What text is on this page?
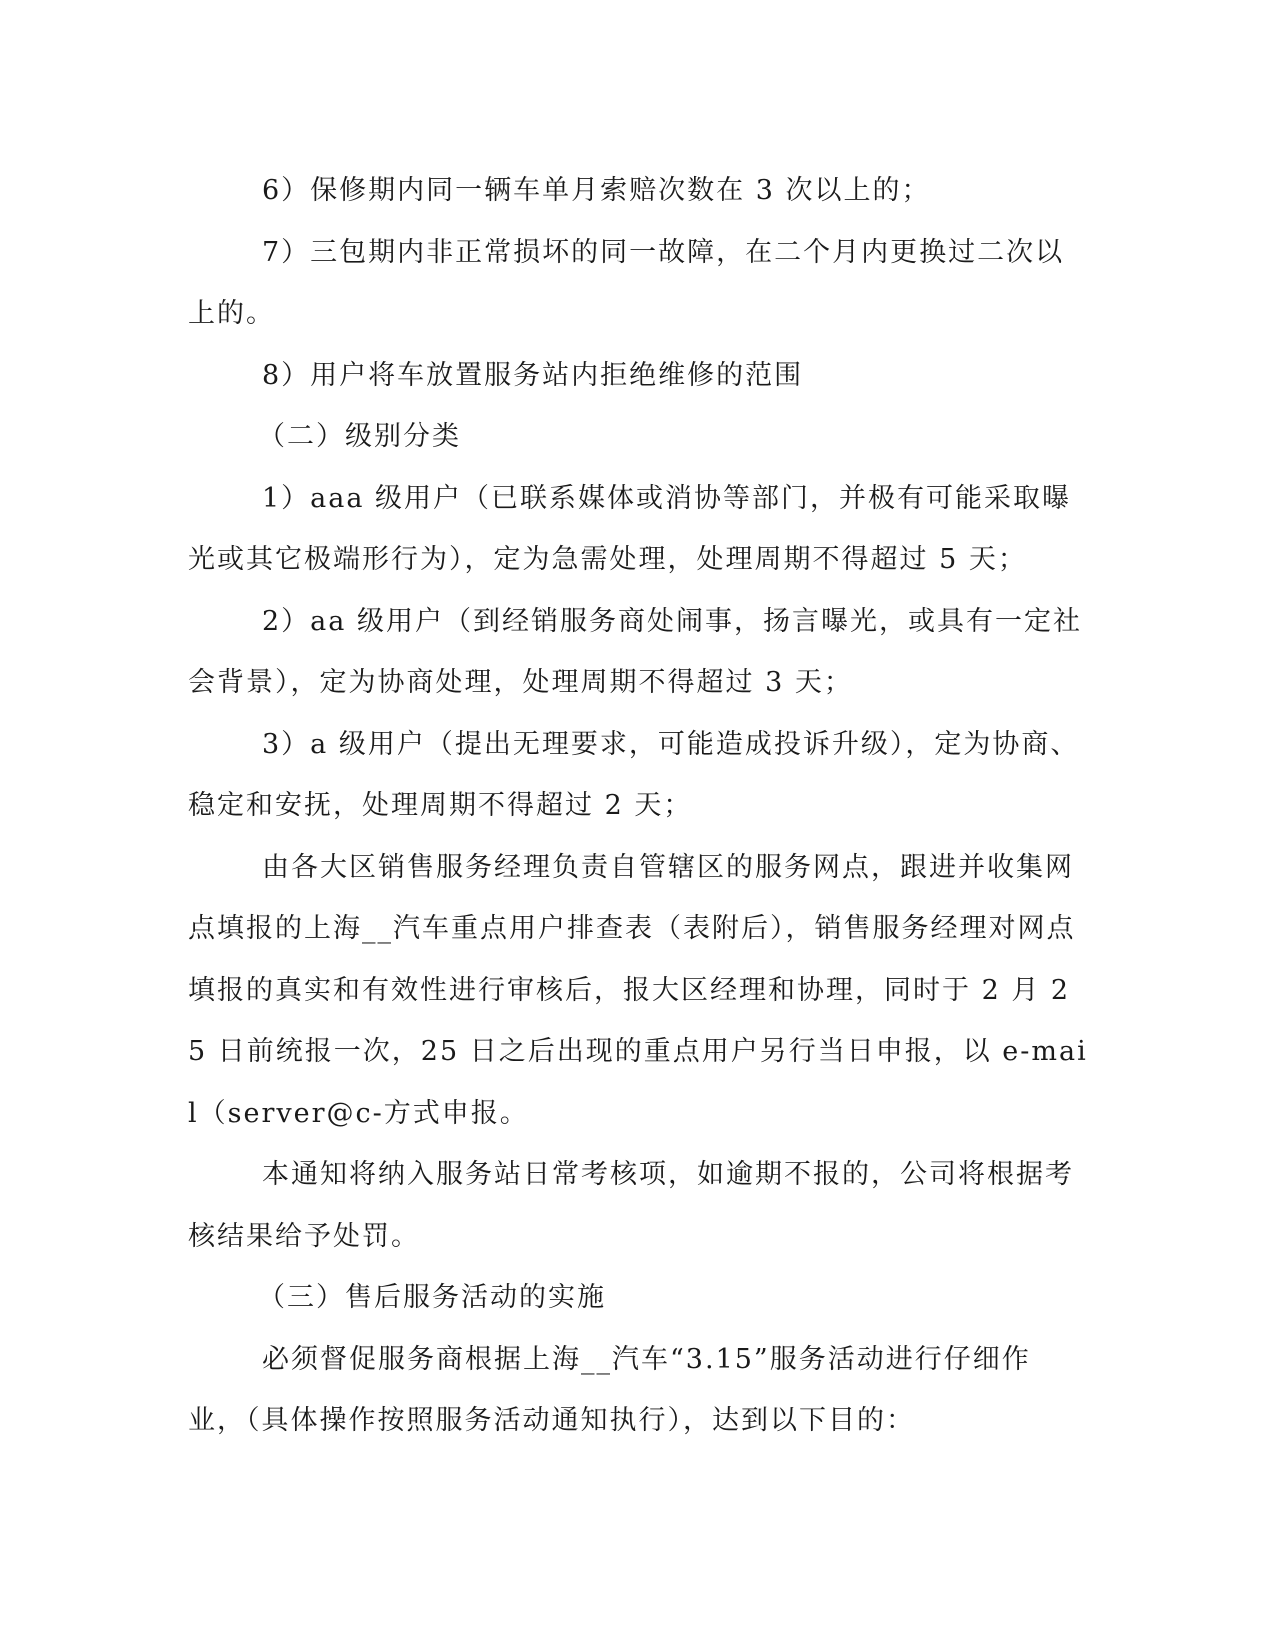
6）保修期内同一辆车单月索赔次数在 3 次以上的；

7）三包期内非正常损坏的同一故障，在二个月内更换过二次以上的。

8）用户将车放置服务站内拒绝维修的范围

（二）级别分类

1）aaa 级用户（已联系媒体或消协等部门，并极有可能采取曝光或其它极端形行为），定为急需处理，处理周期不得超过 5 天；

2）aa 级用户（到经销服务商处闹事，扬言曝光，或具有一定社会背景），定为协商处理，处理周期不得超过 3 天；

3）a 级用户（提出无理要求，可能造成投诉升级），定为协商、稳定和安抚，处理周期不得超过 2 天；

由各大区销售服务经理负责自管辖区的服务网点，跟进并收集网点填报的上海__汽车重点用户排查表（表附后），销售服务经理对网点填报的真实和有效性进行审核后，报大区经理和协理，同时于 2 月 25 日前统报一次，25 日之后出现的重点用户另行当日申报，以 e-mail（server@c-方式申报。

本通知将纳入服务站日常考核项，如逾期不报的，公司将根据考核结果给予处罚。

（三）售后服务活动的实施

必须督促服务商根据上海__汽车“3.15”服务活动进行仔细作业，（具体操作按照服务活动通知执行），达到以下目的：
